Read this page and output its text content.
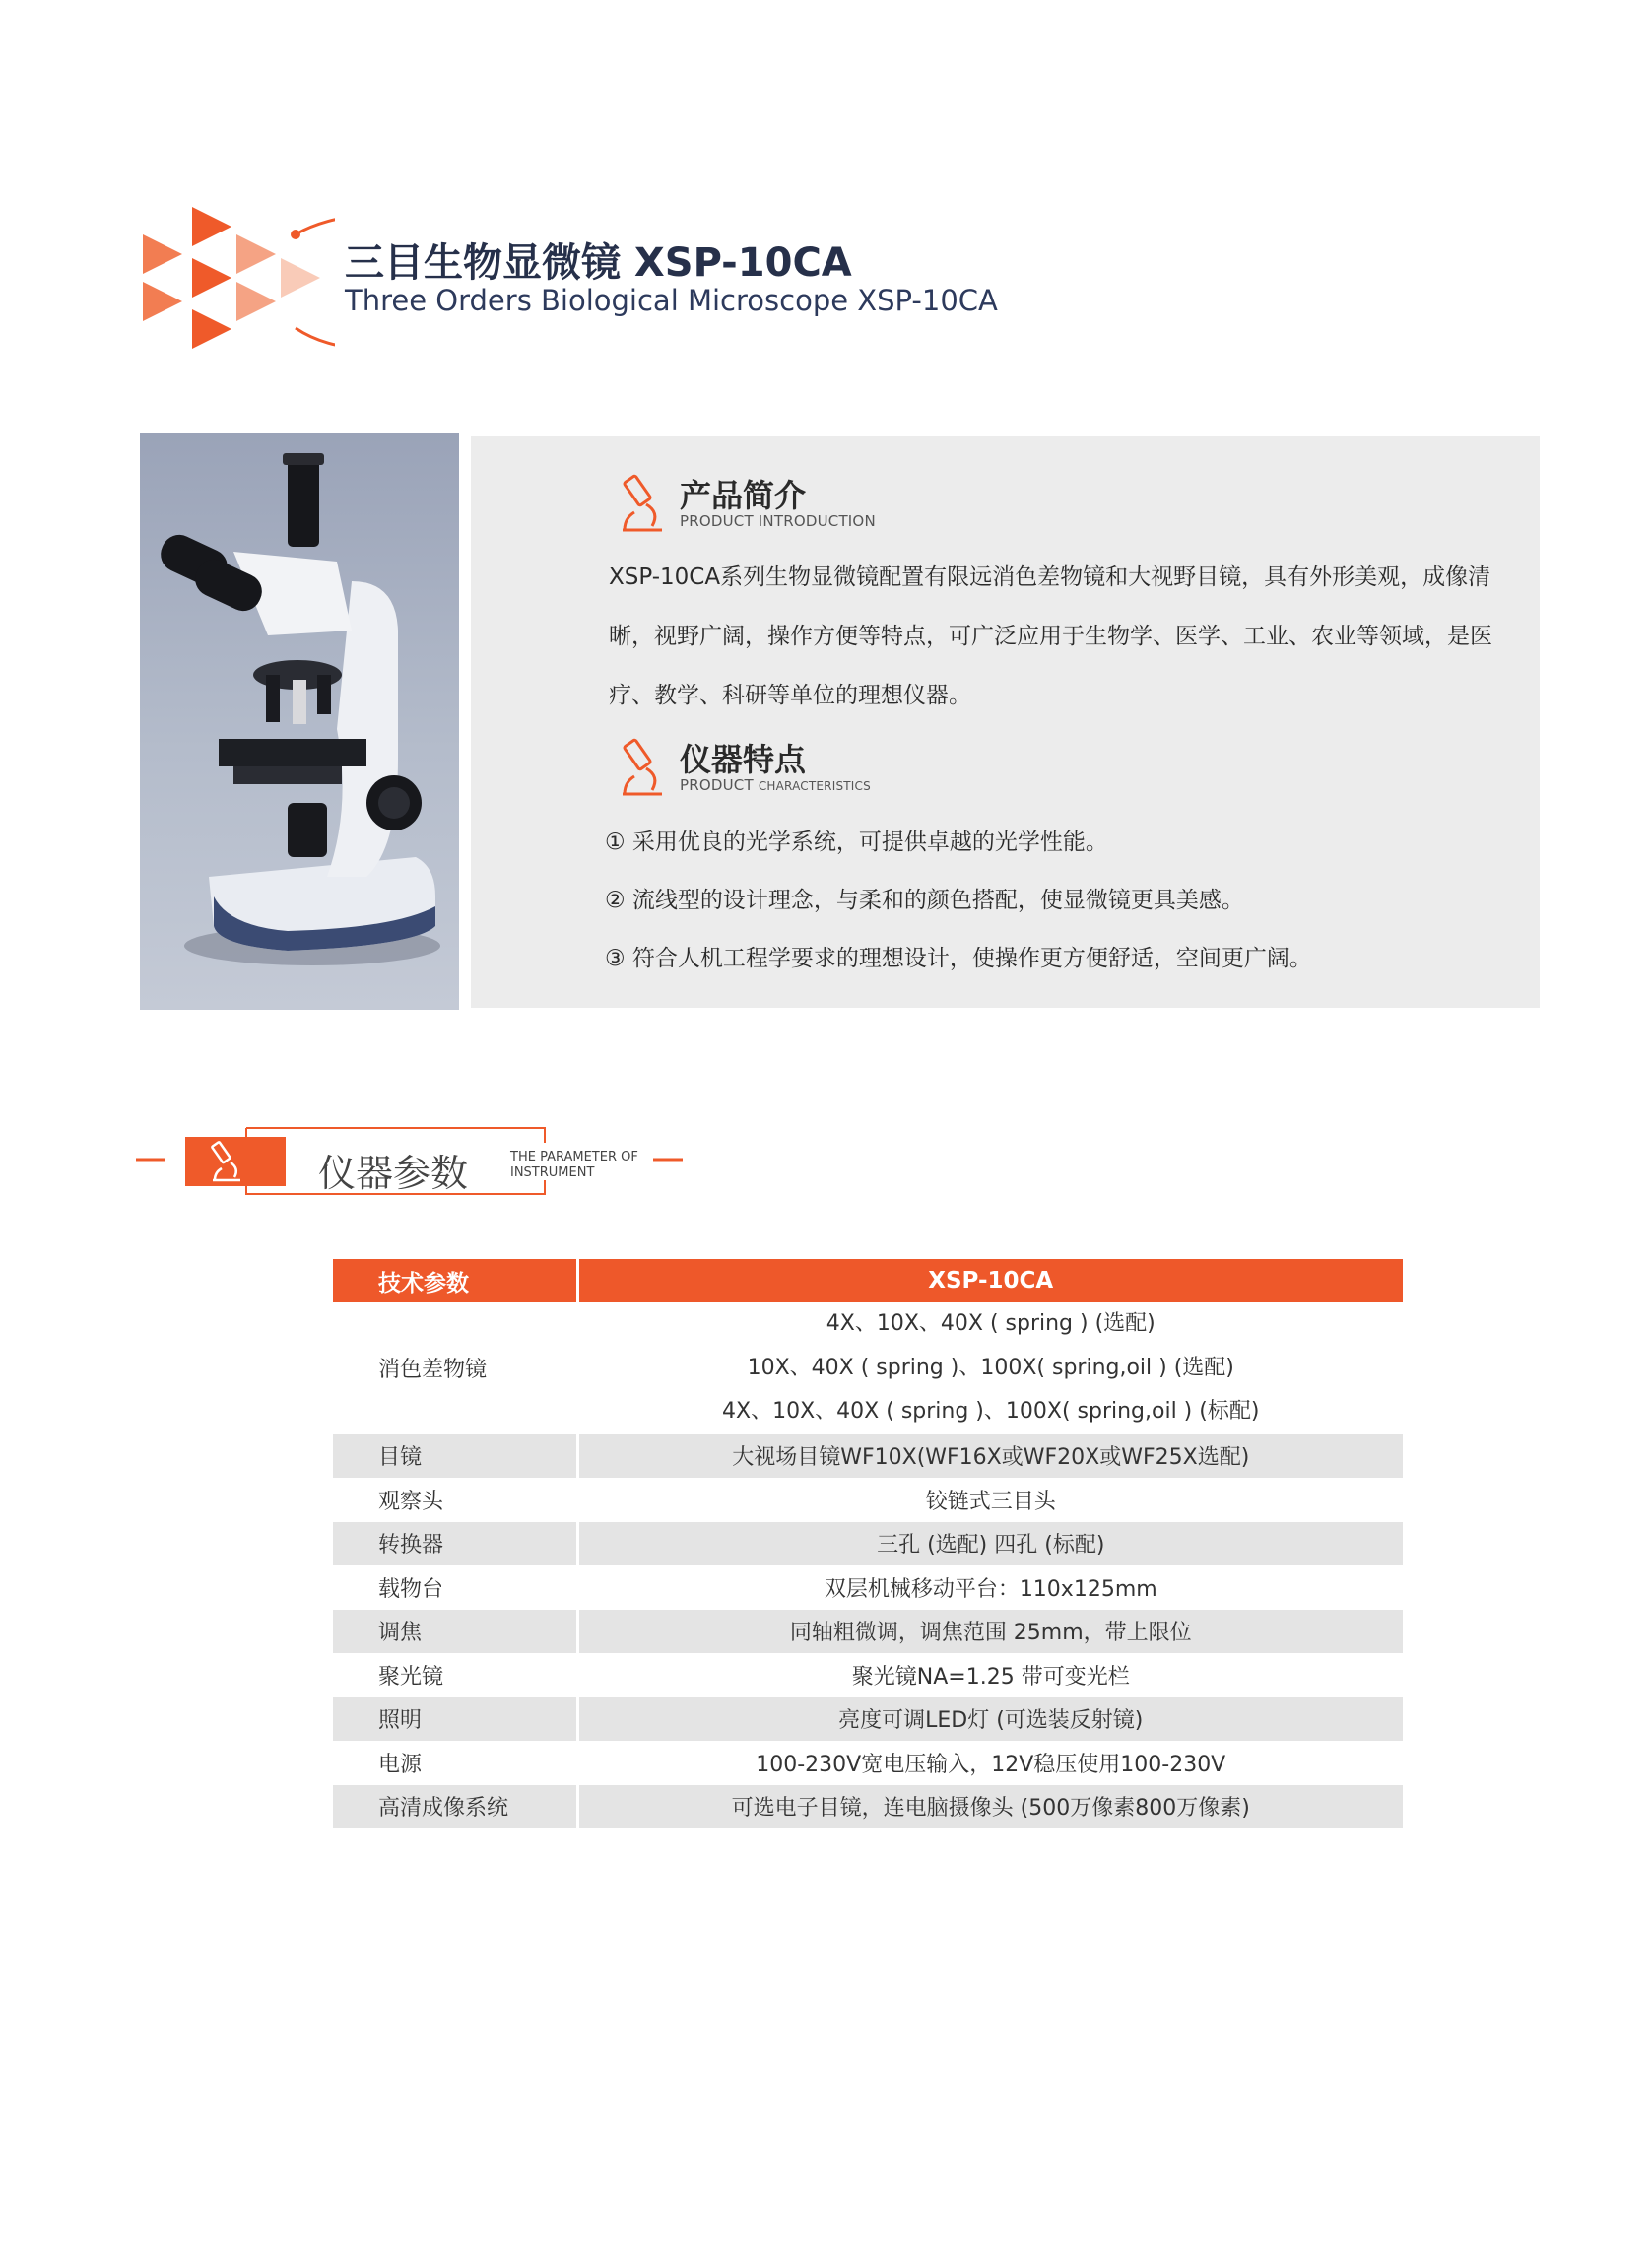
三目生物显微镜 XSP-10CA
Three Orders Biological Microscope XSP-10CA
产品简介
PRODUCT INTRODUCTION
XSP-10CA系列生物显微镜配置有限远消色差物镜和大视野目镜，具有外形美观，成像清晰，视野广阔，操作方便等特点，可广泛应用于生物学、医学、工业、农业等领域，是医疗、教学、科研等单位的理想仪器。
仪器特点
PRODUCT CHARACTERISTICS
① 采用优良的光学系统，可提供卓越的光学性能。
② 流线型的设计理念，与柔和的颜色搭配，使显微镜更具美感。
③ 符合人机工程学要求的理想设计，使操作更方便舒适，空间更广阔。
仪器参数	THE PARAMETER OF
INSTRUMENT
技术参数	XSP-10CA
消色差物镜	4X、10X、40X ( spring ) (选配)
10X、40X ( spring )、100X( spring,oil ) (选配)
4X、10X、40X ( spring )、100X( spring,oil ) (标配)

目镜	大视场目镜WF10X(WF16X或WF20X或WF25X选配)
观察头	铰链式三目头
转换器	三孔 (选配) 四孔 (标配)
载物台	双层机械移动平台：110x125mm
调焦	同轴粗微调，调焦范围 25mm，带上限位
聚光镜	聚光镜NA=1.25 带可变光栏
照明	亮度可调LED灯 (可选装反射镜)
电源	100-230V宽电压输入，12V稳压使用100-230V
高清成像系统	可选电子目镜，连电脑摄像头 (500万像素800万像素)
